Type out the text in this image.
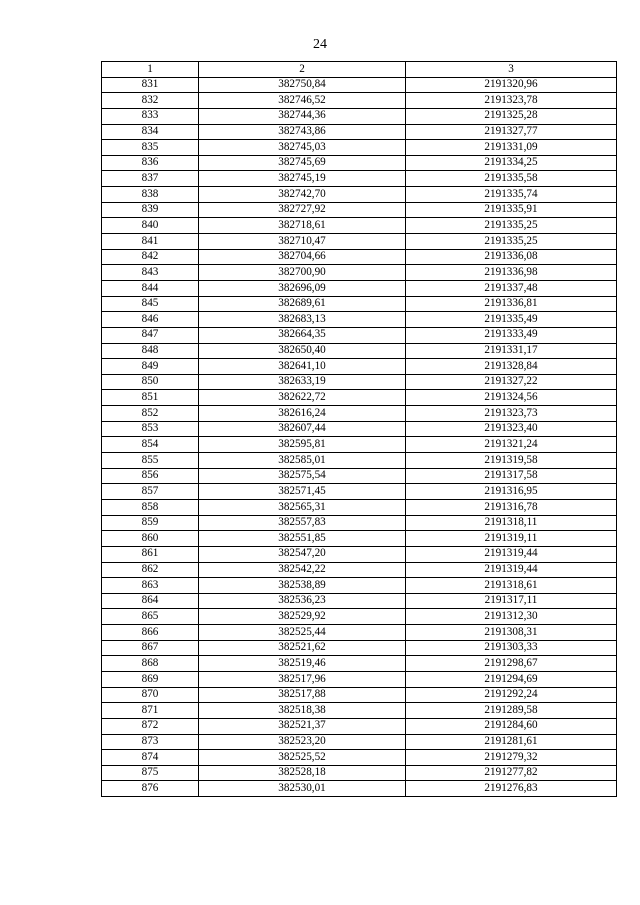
24
1	2	3
831	382750,84	2191320,96
832	382746,52	2191323,78
833	382744,36	2191325,28
834	382743,86	2191327,77
835	382745,03	2191331,09
836	382745,69	2191334,25
837	382745,19	2191335,58
838	382742,70	2191335,74
839	382727,92	2191335,91
840	382718,61	2191335,25
841	382710,47	2191335,25
842	382704,66	2191336,08
843	382700,90	2191336,98
844	382696,09	2191337,48
845	382689,61	2191336,81
846	382683,13	2191335,49
847	382664,35	2191333,49
848	382650,40	2191331,17
849	382641,10	2191328,84
850	382633,19	2191327,22
851	382622,72	2191324,56
852	382616,24	2191323,73
853	382607,44	2191323,40
854	382595,81	2191321,24
855	382585,01	2191319,58
856	382575,54	2191317,58
857	382571,45	2191316,95
858	382565,31	2191316,78
859	382557,83	2191318,11
860	382551,85	2191319,11
861	382547,20	2191319,44
862	382542,22	2191319,44
863	382538,89	2191318,61
864	382536,23	2191317,11
865	382529,92	2191312,30
866	382525,44	2191308,31
867	382521,62	2191303,33
868	382519,46	2191298,67
869	382517,96	2191294,69
870	382517,88	2191292,24
871	382518,38	2191289,58
872	382521,37	2191284,60
873	382523,20	2191281,61
874	382525,52	2191279,32
875	382528,18	2191277,82
876	382530,01	2191276,83
